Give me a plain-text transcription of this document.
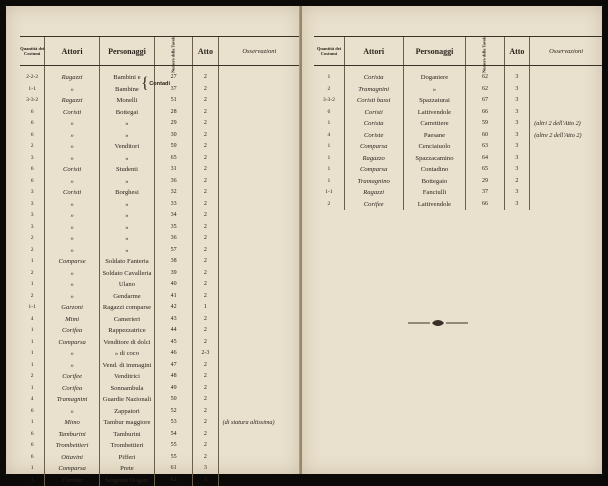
Quantità dei Costumi	Attori	Personaggi	Numero della Tavola	Atto	Osservazioni

2-2-2	Ragazzi	Bambini e	27	2	
1-1	»	Bambine	37	2	
3-3-2	Ragazzi	Monelli	51	2	
6	Coristi	Bottegai	28	2	
6	»	»	29	2	
6	»	»	30	2	
2	»	Venditori	59	2	
3	»	»	65	2	
6	Coristi	Studenti	31	2	
6	»	»	36	2	
3	Coristi	Borghesi	32	2	
3	»	»	33	2	
3	»	»	34	2	
3	»	»	35	2	
2	»	»	36	2	
2	»	»	57	2	
1	Comparse	Soldato Fanteria	38	2	
2	»	Soldato Cavalleria	39	2	
1	»	Ulano	40	2	
2	»	Gendarme	41	2	
1-1	Garzoni	Ragazzi comparse	42	1	
4	Mimi	Camerieri	43	2	
1	Corifea	Rappezzatrice	44	2	
1	Comparsa	Venditore di dolci	45	2	
1	»	» di coco	46	2-3	
1	»	Vend. di immagini	47	2	
2	Corifee	Venditrici	48	2	
1	Corifea	Sonnambula	49	2	
4	Tramagnini	Guardie Nazionali	50	2	
6	»	Zappatori	52	2	
1	Mimo	Tambur maggiore	53	2	(di statura altissima)
6	Tamburini	Tamburini	54	2	
6	Trombettieri	Trombettieri	55	2	
6	Ottavini	Pifferi	55	2	
1	Comparsa	Prete	61	3	
1	Corista	Sergente Dogan.	62	3	
} Contadi
Quantità dei Costumi	Attori	Personaggi	Numero della Tavola	Atto	Osservazioni

1	Corista	Doganiere	62	3	
2	Tramagnini	»	62	3	
3-3-2	Coristi bassi	Spazzaturai	67	3	
6	Coristi	Lattivendole	66	3	
1	Corista	Carrettiere	59	3	(altri 2 dell'Atto 2)
4	Coriste	Paesane	60	3	(altre 2 dell'Atto 2)
1	Comparsa	Cenciaiuolo	63	3	
1	Ragazzo	Spazzacamino	64	3	
1	Comparsa	Contadino	65	3	
1	Tramagnino	Bottegaio	29	2	
1-1	Ragazzi	Fanciulli	37	3	
2	Corifee	Lattivendole	66	3	
